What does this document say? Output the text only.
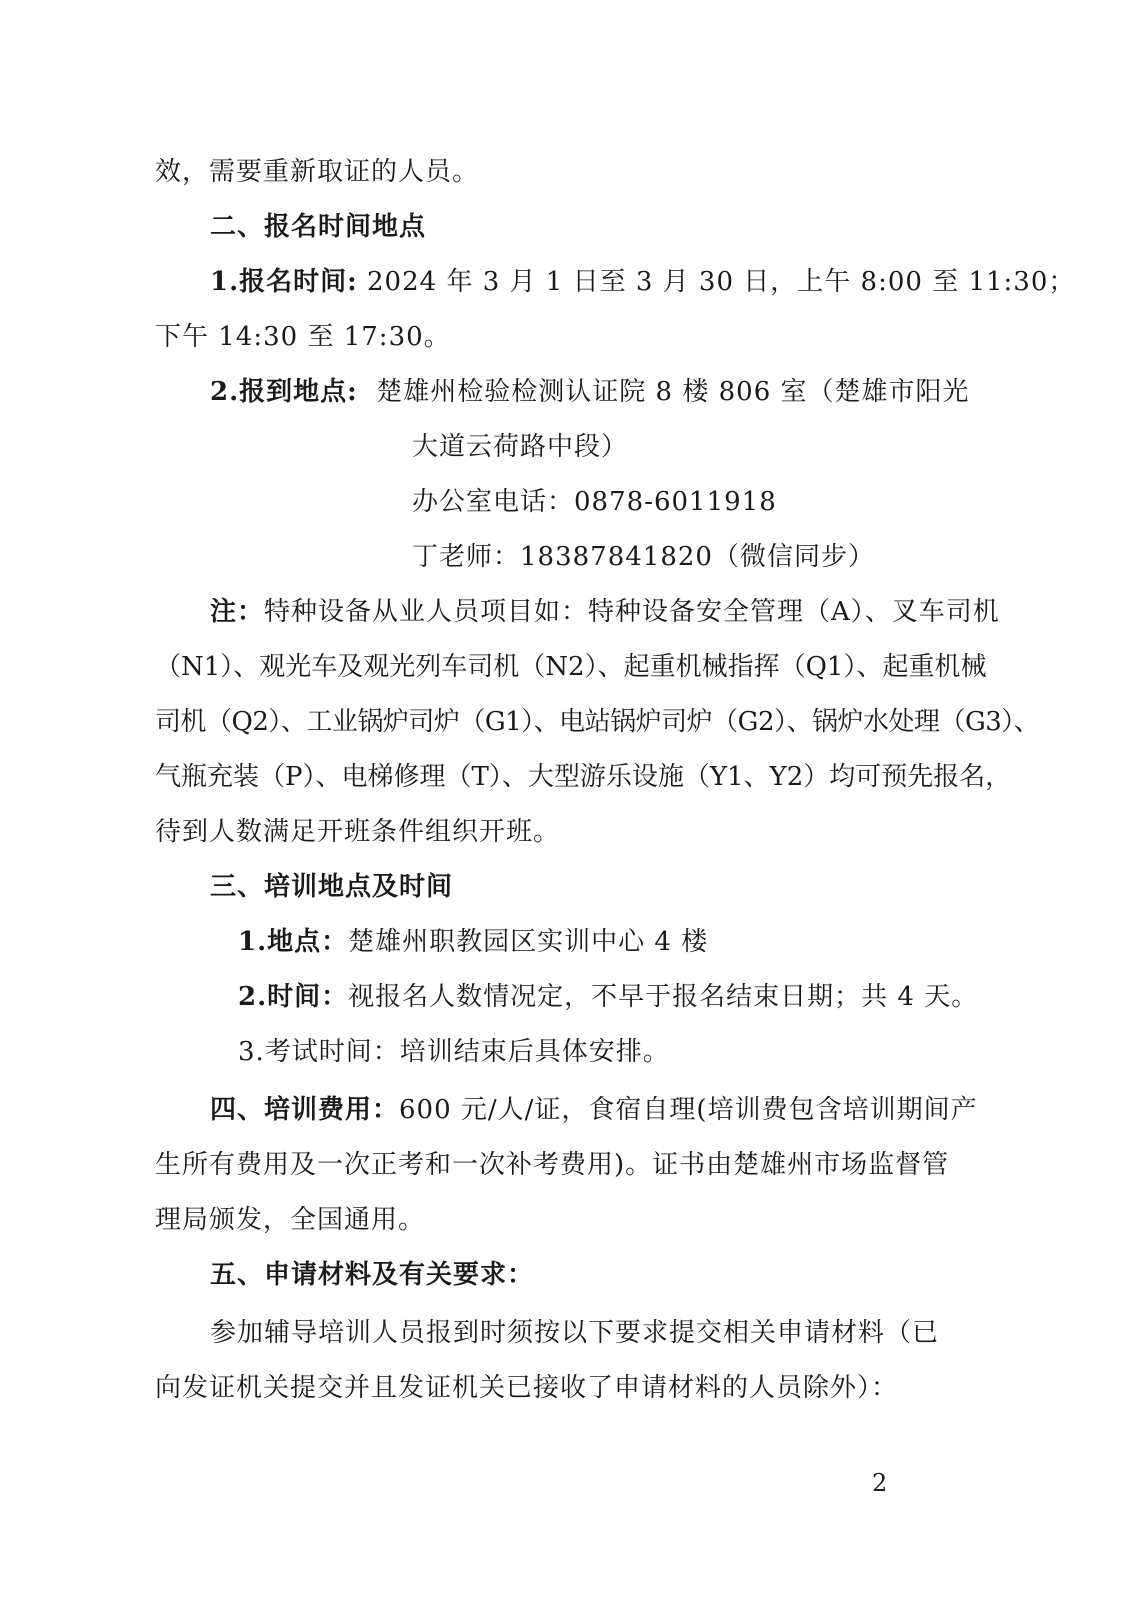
效，需要重新取证的人员。
二、报名时间地点
1.报名时间: 2024 年 3 月 1 日至 3 月 30 日，上午 8:00 至 11:30；
下午 14:30 至 17:30。
2.报到地点: 楚雄州检验检测认证院 8 楼 806 室（楚雄市阳光
大道云荷路中段）
办公室电话：0878-6011918
丁老师：18387841820（微信同步）
注：特种设备从业人员项目如：特种设备安全管理（A）、叉车司机
（N1）、观光车及观光列车司机（N2）、起重机械指挥（Q1）、起重机械
司机（Q2）、工业锅炉司炉（G1）、电站锅炉司炉（G2）、锅炉水处理（G3）、
气瓶充装（P）、电梯修理（T）、大型游乐设施（Y1、Y2）均可预先报名，
待到人数满足开班条件组织开班。
三、培训地点及时间
1.地点：楚雄州职教园区实训中心 4 楼
2.时间：视报名人数情况定，不早于报名结束日期；共 4 天。
3.考试时间：培训结束后具体安排。
四、培训费用：600 元/人/证，食宿自理(培训费包含培训期间产
生所有费用及一次正考和一次补考费用)。证书由楚雄州市场监督管
理局颁发，全国通用。
五、申请材料及有关要求：
参加辅导培训人员报到时须按以下要求提交相关申请材料（已
向发证机关提交并且发证机关已接收了申请材料的人员除外）：
2
